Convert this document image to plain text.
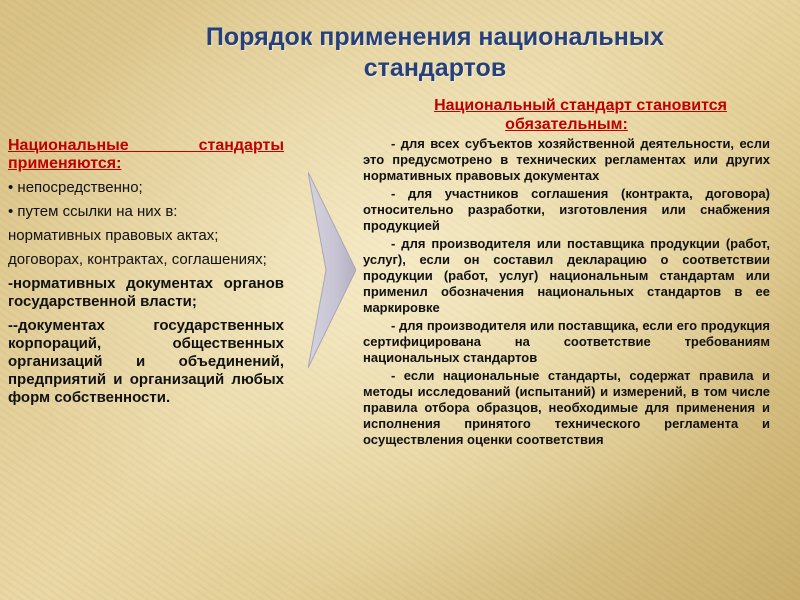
Порядок применения национальных стандартов

Национальные стандарты применяются:

• непосредственно;

• путем ссылки на них в:

нормативных правовых актах;

договорах, контрактах, соглашениях;

-нормативных документах органов государственной власти;

--документах государственных корпораций, общественных организаций и объединений, предприятий и организаций любых форм собственности.

Национальный стандарт становится обязательным:

- для всех субъектов хозяйственной деятельности, если это предусмотрено в технических регламентах или других нормативных правовых документах

- для участников соглашения (контракта, договора) относительно разработки, изготовления или снабжения продукцией

- для производителя или поставщика продукции (работ, услуг), если он составил декларацию о соответствии продукции (работ, услуг) национальным стандартам или применил обозначения национальных стандартов в ее маркировке

- для производителя или поставщика, если его продукция сертифицирована на соответствие требованиям национальных стандартов

- если национальные стандарты, содержат правила и методы исследований (испытаний) и измерений, в том числе правила отбора образцов, необходимые для применения и исполнения принятого технического регламента и осуществления оценки соответствия
